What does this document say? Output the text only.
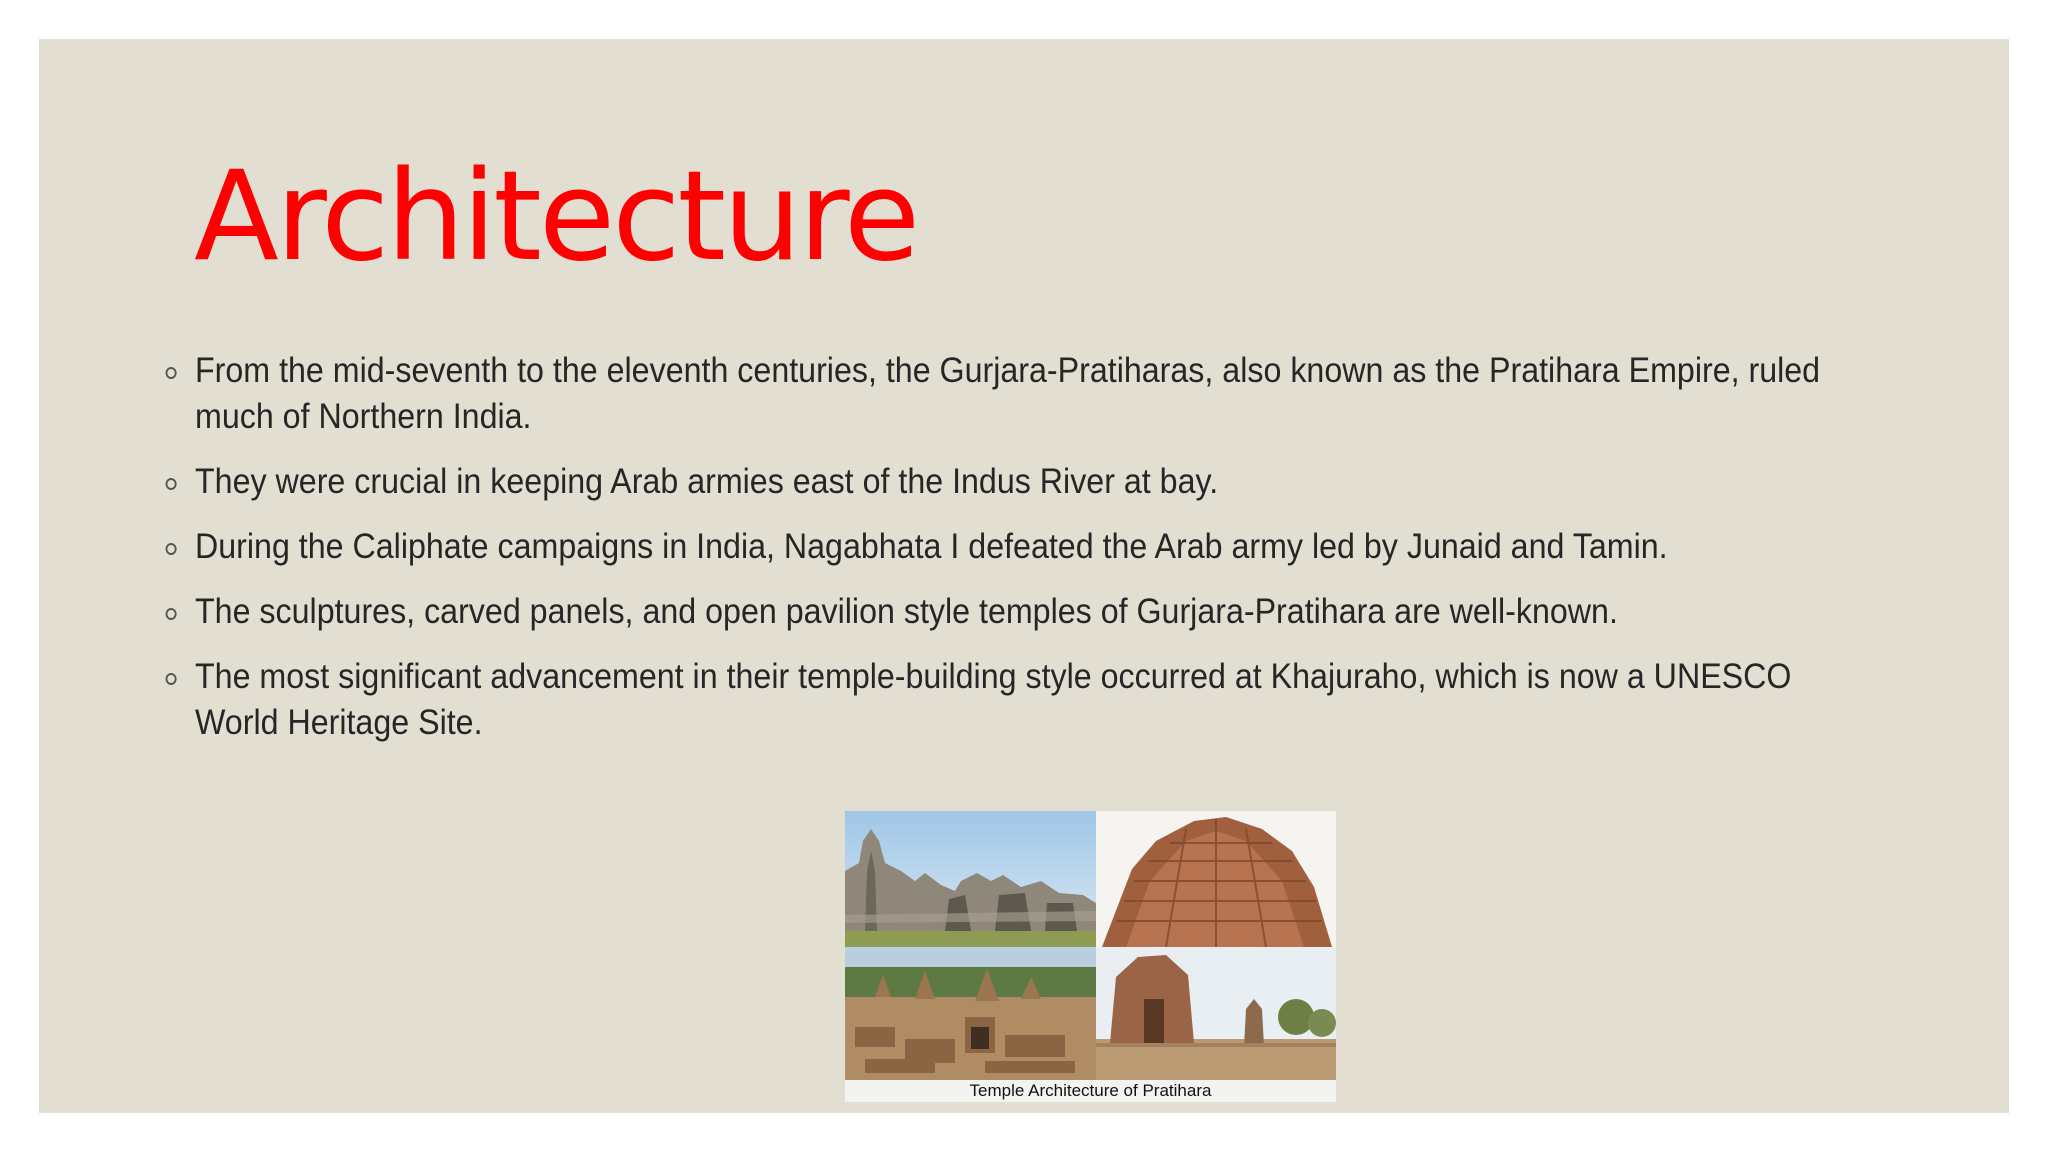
Architecture
From the mid-seventh to the eleventh centuries, the Gurjara-Pratiharas, also known as the Pratihara Empire, ruled much of Northern India.
They were crucial in keeping Arab armies east of the Indus River at bay.
During the Caliphate campaigns in India, Nagabhata I defeated the Arab army led by Junaid and Tamin.
The sculptures, carved panels, and open pavilion style temples of Gurjara-Pratihara are well-known.
The most significant advancement in their temple-building style occurred at Khajuraho, which is now a UNESCO World Heritage Site.
Temple Architecture of Pratihara
